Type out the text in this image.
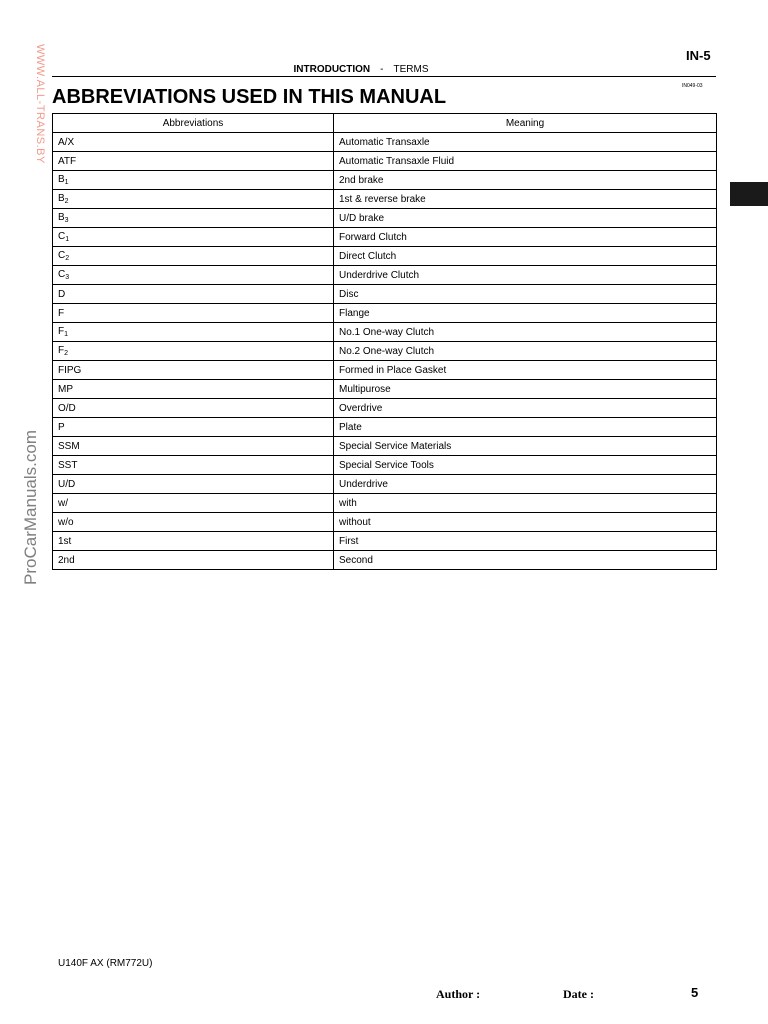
IN-5
INTRODUCTION - TERMS
IN049-03
ABBREVIATIONS USED IN THIS MANUAL
Abbreviations	Meaning
A/X	Automatic Transaxle
ATF	Automatic Transaxle Fluid
$B_1$	2nd brake
$B_2$	1st & reverse brake
$B_3$	U/D brake
$C_1$	Forward Clutch
$C_2$	Direct Clutch
$C_3$	Underdrive Clutch
D	Disc
F	Flange
$F_1$	No.1 One-way Clutch
$F_2$	No.2 One-way Clutch
FIPG	Formed in Place Gasket
MP	Multipurose
O/D	Overdrive
P	Plate
SSM	Special Service Materials
SST	Special Service Tools
U/D	Underdrive
w/	with
w/o	without
1st	First
2nd	Second
WWW.ALL-TRANS.BY
ProCarManuals.com
U140F AX (RM772U)
Author :	Date :	5
